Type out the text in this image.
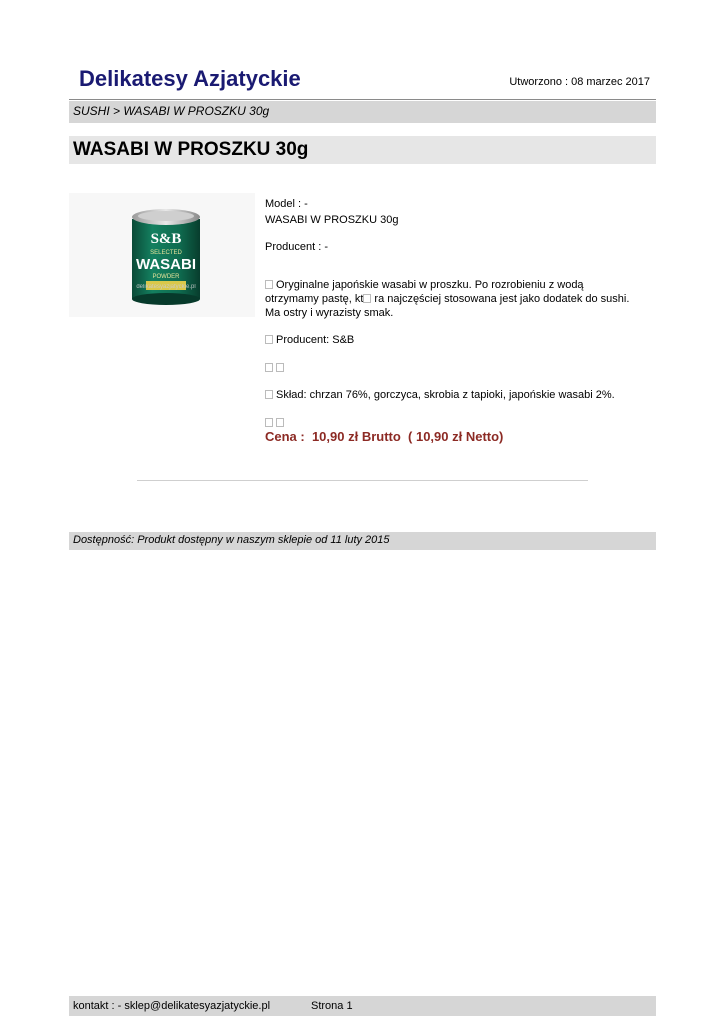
Delikatesy Azjatyckie	Utworzono : 08 marzec 2017
SUSHI > WASABI W PROSZKU 30g
WASABI W PROSZKU 30g
S&B
SELECTED
WASABI
POWDER
delikatesyazjatyckie.pl
Model : -
WASABI W PROSZKU 30g
Producent : -
Oryginalne japońskie wasabi w proszku. Po rozrobieniu z wodą
otrzymamy pastę, kt ra najczęściej stosowana jest jako dodatek do sushi.
Ma ostry i wyrazisty smak.
Producent: S&B
Skład: chrzan 76%, gorczyca, skrobia z tapioki, japońskie wasabi 2%.
Cena :  10,90 zł Brutto  ( 10,90 zł Netto)
Dostępność: Produkt dostępny w naszym sklepie od 11 luty 2015
kontakt : - sklep@delikatesyazjatyckie.pl	Strona 1
